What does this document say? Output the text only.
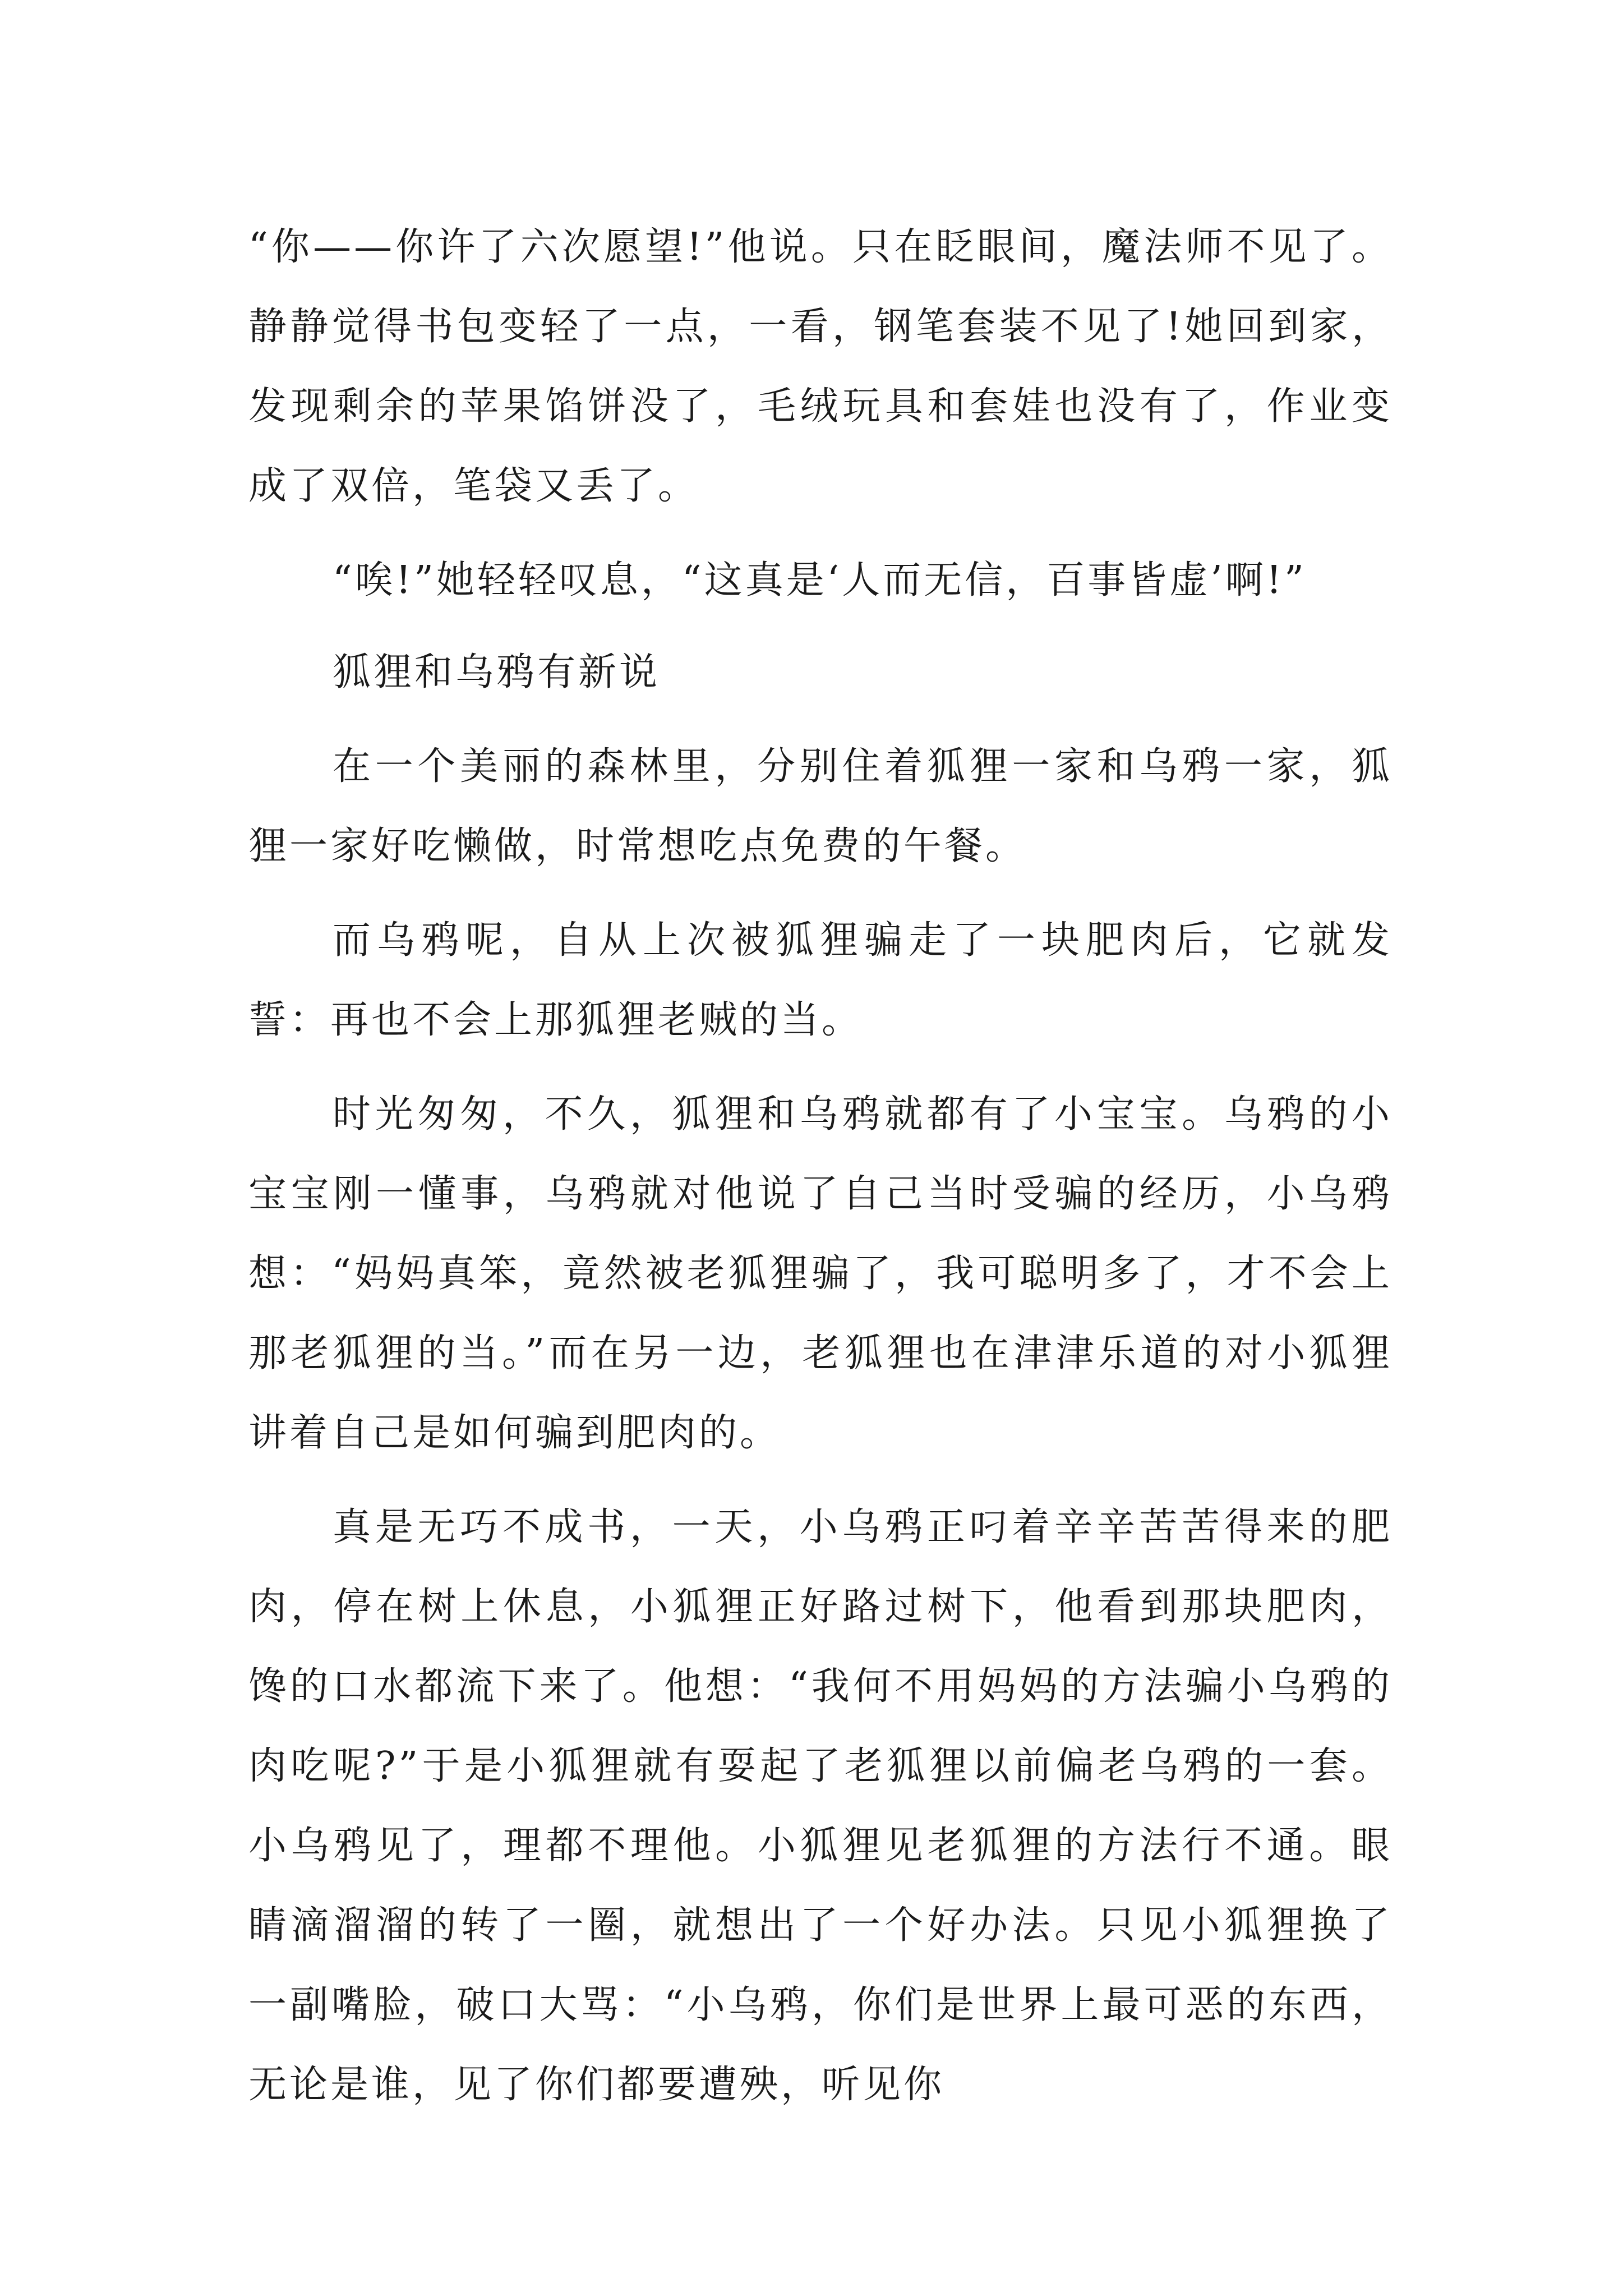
“你——你许了六次愿望!”他说。只在眨眼间，魔法师不见了。静静觉得书包变轻了一点，一看，钢笔套装不见了!她回到家，发现剩余的苹果馅饼没了，毛绒玩具和套娃也没有了，作业变成了双倍，笔袋又丢了。

“唉!”她轻轻叹息，“这真是‘人而无信，百事皆虚’啊!”

狐狸和乌鸦有新说

在一个美丽的森林里，分别住着狐狸一家和乌鸦一家，狐狸一家好吃懒做，时常想吃点免费的午餐。

而乌鸦呢，自从上次被狐狸骗走了一块肥肉后，它就发誓：再也不会上那狐狸老贼的当。

时光匆匆，不久，狐狸和乌鸦就都有了小宝宝。乌鸦的小宝宝刚一懂事，乌鸦就对他说了自己当时受骗的经历，小乌鸦想：“妈妈真笨，竟然被老狐狸骗了，我可聪明多了，才不会上那老狐狸的当。”而在另一边，老狐狸也在津津乐道的对小狐狸讲着自己是如何骗到肥肉的。

真是无巧不成书，一天，小乌鸦正叼着辛辛苦苦得来的肥肉，停在树上休息，小狐狸正好路过树下，他看到那块肥肉，馋的口水都流下来了。他想：“我何不用妈妈的方法骗小乌鸦的肉吃呢?”于是小狐狸就有耍起了老狐狸以前偏老乌鸦的一套。小乌鸦见了，理都不理他。小狐狸见老狐狸的方法行不通。眼睛滴溜溜的转了一圈，就想出了一个好办法。只见小狐狸换了一副嘴脸，破口大骂：“小乌鸦，你们是世界上最可恶的东西，无论是谁，见了你们都要遭殃，听见你
